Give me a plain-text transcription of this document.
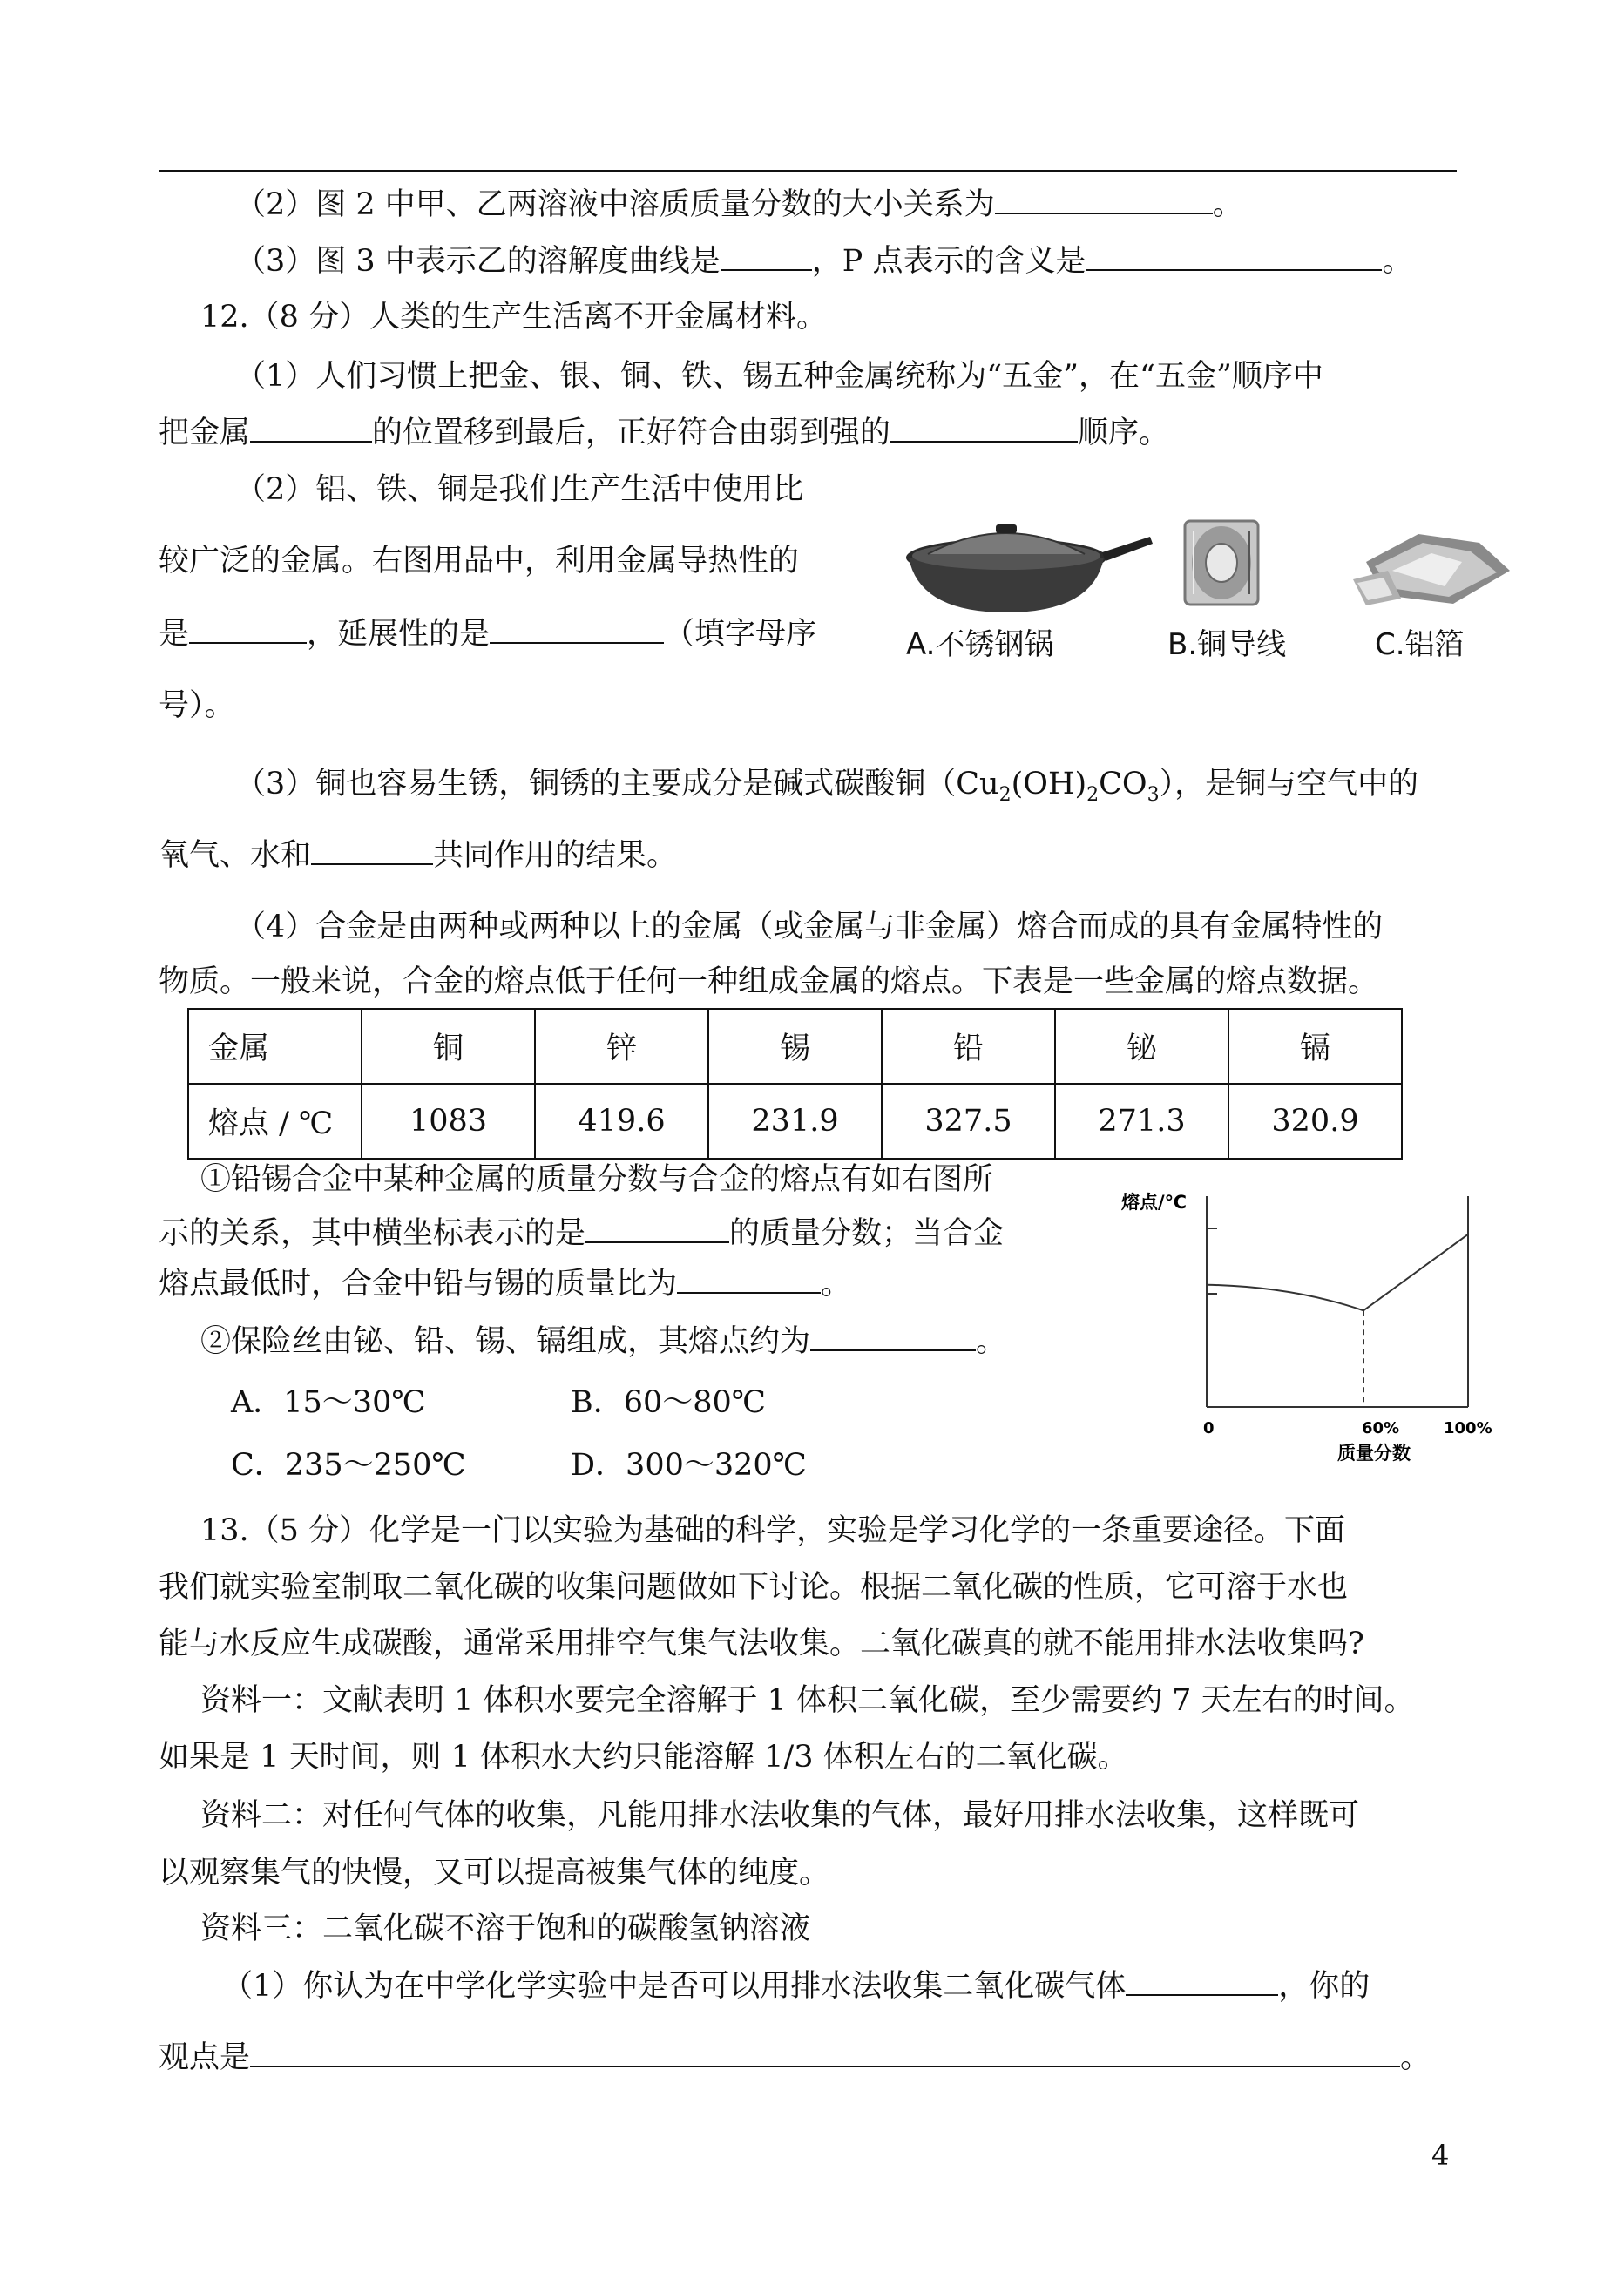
（2）图 2 中甲、乙两溶液中溶质质量分数的大小关系为	。
（3）图 3 中表示乙的溶解度曲线是	，P 点表示的含义是	。
12.（8 分）人类的生产生活离不开金属材料。
（1）人们习惯上把金、银、铜、铁、锡五种金属统称为“五金”，在“五金”顺序中
把金属	的位置移到最后，正好符合由弱到强的	顺序。
（2）铝、铁、铜是我们生产生活中使用比
较广泛的金属。右图用品中，利用金属导热性的
是	，延展性的是	（填字母序
号）。
A.不锈钢锅	B.铜导线	C.铝箔
（3）铜也容易生锈，铜锈的主要成分是碱式碳酸铜$(Cu_2(OH)_2CO_3)$，是铜与空气中的
氧气、水和	共同作用的结果。
（4）合金是由两种或两种以上的金属（或金属与非金属）熔合而成的具有金属特性的
物质。一般来说，合金的熔点低于任何一种组成金属的熔点。下表是一些金属的熔点数据。
金属	铜	锌	锡	铅	铋	镉
熔点 / ℃	1083	419.6	231.9	327.5	271.3	320.9
①铅锡合金中某种金属的质量分数与合金的熔点有如右图所
示的关系，其中横坐标表示的是	的质量分数；当合金
熔点最低时，合金中铅与锡的质量比为	。
②保险丝由铋、铅、锡、镉组成，其熔点约为	。
A．15～30℃	B．60～80℃
C．235～250℃	D．300～320℃
熔点/℃
0	60%	100%
质量分数
13.（5 分）化学是一门以实验为基础的科学，实验是学习化学的一条重要途径。下面
我们就实验室制取二氧化碳的收集问题做如下讨论。根据二氧化碳的性质，它可溶于水也
能与水反应生成碳酸，通常采用排空气集气法收集。二氧化碳真的就不能用排水法收集吗?
资料一：文献表明 1 体积水要完全溶解于 1 体积二氧化碳，至少需要约 7 天左右的时间。
如果是 1 天时间，则 1 体积水大约只能溶解 1/3 体积左右的二氧化碳。
资料二：对任何气体的收集，凡能用排水法收集的气体，最好用排水法收集，这样既可
以观察集气的快慢，又可以提高被集气体的纯度。
资料三：二氧化碳不溶于饱和的碳酸氢钠溶液
（1）你认为在中学化学实验中是否可以用排水法收集二氧化碳气体	，你的
观点是	。
4
